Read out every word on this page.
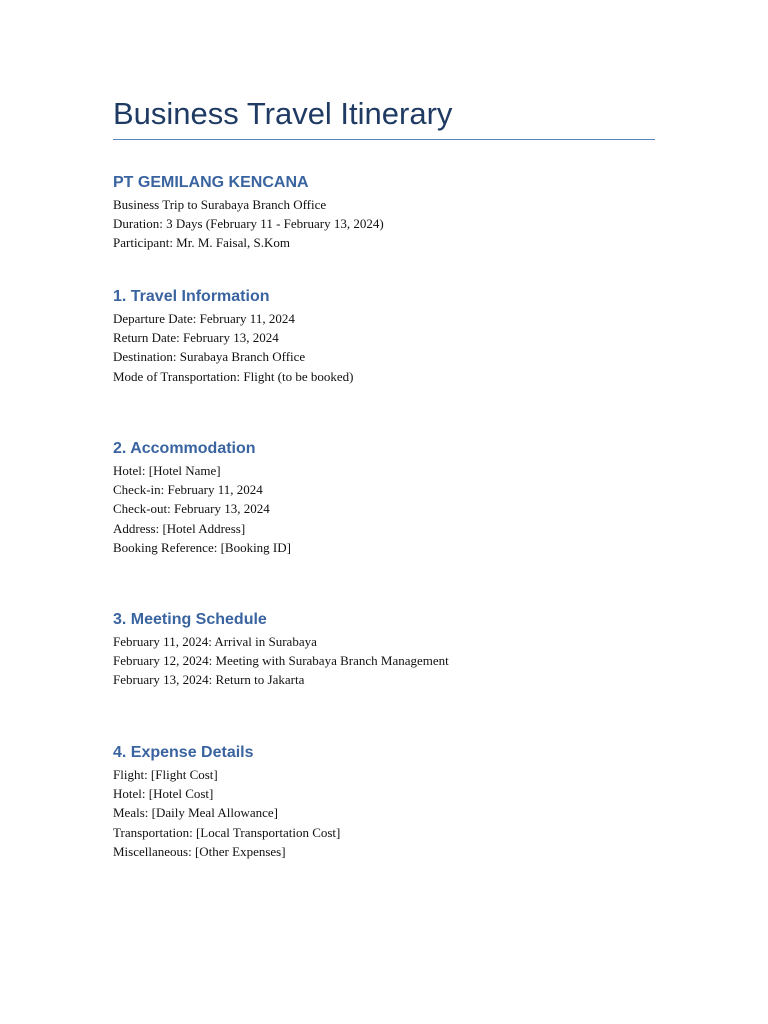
Business Travel Itinerary
PT GEMILANG KENCANA
Business Trip to Surabaya Branch Office
Duration: 3 Days (February 11 - February 13, 2024)
Participant: Mr. M. Faisal, S.Kom
1. Travel Information
Departure Date: February 11, 2024
Return Date: February 13, 2024
Destination: Surabaya Branch Office
Mode of Transportation: Flight (to be booked)
2. Accommodation
Hotel: [Hotel Name]
Check-in: February 11, 2024
Check-out: February 13, 2024
Address: [Hotel Address]
Booking Reference: [Booking ID]
3. Meeting Schedule
February 11, 2024: Arrival in Surabaya
February 12, 2024: Meeting with Surabaya Branch Management
February 13, 2024: Return to Jakarta
4. Expense Details
Flight: [Flight Cost]
Hotel: [Hotel Cost]
Meals: [Daily Meal Allowance]
Transportation: [Local Transportation Cost]
Miscellaneous: [Other Expenses]
